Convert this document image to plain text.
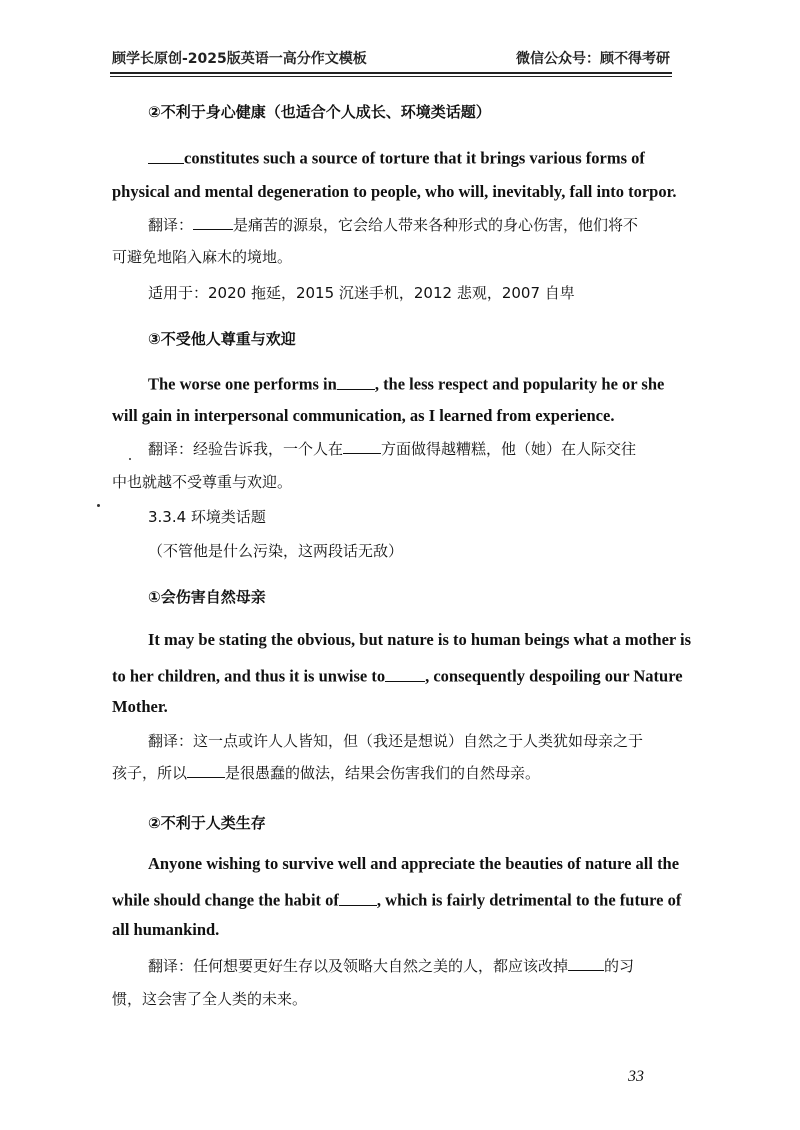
顾学长原创-2025版英语一高分作文模板	微信公众号：顾不得考研
②不利于身心健康（也适合个人成长、环境类话题）
constitutes such a source of torture that it brings various forms of
physical and mental degeneration to people, who will, inevitably, fall into torpor.
翻译：	是痛苦的源泉，它会给人带来各种形式的身心伤害，他们将不
可避免地陷入麻木的境地。
适用于：2020 拖延，2015 沉迷手机，2012 悲观，2007 自卑
③不受他人尊重与欢迎
The worse one performs in , the less respect and popularity he or she
will gain in interpersonal communication, as I learned from experience.
翻译：经验告诉我，一个人在	方面做得越糟糕，他（她）在人际交往
中也就越不受尊重与欢迎。
3.3.4 环境类话题
（不管他是什么污染，这两段话无敌）
①会伤害自然母亲
It may be stating the obvious, but nature is to human beings what a mother is
to her children, and thus it is unwise to , consequently despoiling our Nature
Mother.
翻译：这一点或许人人皆知，但（我还是想说）自然之于人类犹如母亲之于
孩子，所以	是很愚蠢的做法，结果会伤害我们的自然母亲。
②不利于人类生存
Anyone wishing to survive well and appreciate the beauties of nature all the
while should change the habit of , which is fairly detrimental to the future of
all humankind.
翻译：任何想要更好生存以及领略大自然之美的人，都应该改掉 的习
惯，这会害了全人类的未来。
33
